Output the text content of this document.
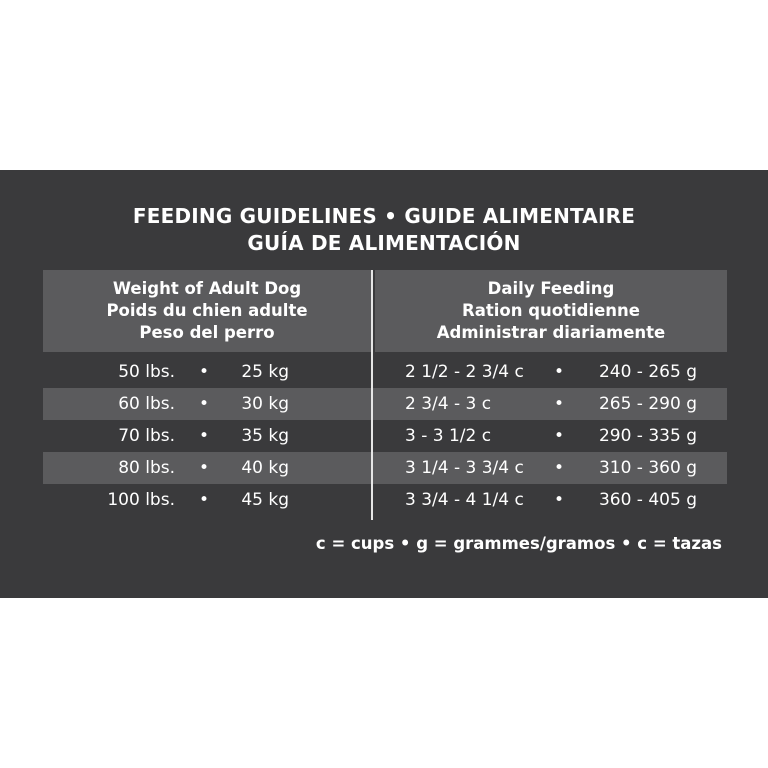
FEEDING GUIDELINES • GUIDE ALIMENTAIRE
GUÍA DE ALIMENTACIÓN
Weight of Adult Dog
Poids du chien adulte
Peso del perro
Daily Feeding
Ration quotidienne
Administrar diariamente
50 lbs. •	25 kg	2 1/2 - 2 3/4 c •	240 - 265 g
60 lbs. •	30 kg	2 3/4 - 3 c	•	265 - 290 g
70 lbs. •	35 kg	3 - 3 1/2 c	•	290 - 335 g
80 lbs. •	40 kg	3 1/4 - 3 3/4 c •	310 - 360 g
100 lbs. •	45 kg	3 3/4 - 4 1/4 c •	360 - 405 g
c = cups • g = grammes/gramos • c = tazas
